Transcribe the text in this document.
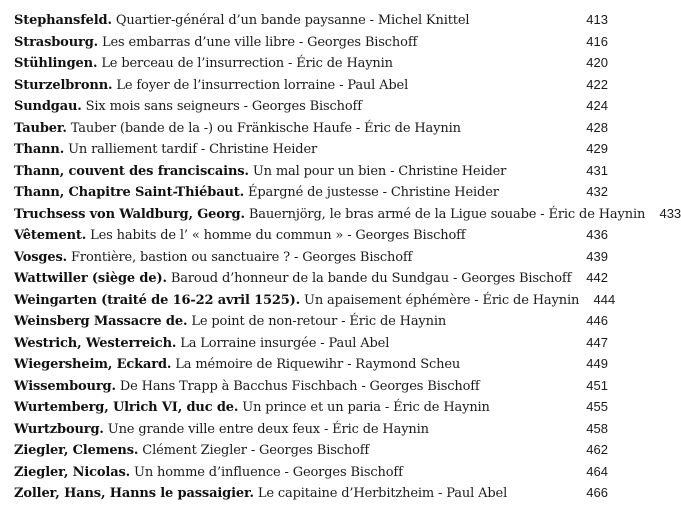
Stephansfeld. Quartier-général d’un bande paysanne - Michel Knittel	413
Strasbourg. Les embarras d’une ville libre - Georges Bischoff	416
Stühlingen. Le berceau de l’insurrection - Éric de Haynin	420
Sturzelbronn. Le foyer de l’insurrection lorraine - Paul Abel	422
Sundgau. Six mois sans seigneurs - Georges Bischoff	424
Tauber. Tauber (bande de la -) ou Fränkische Haufe - Éric de Haynin	428
Thann. Un ralliement tardif - Christine Heider	429
Thann, couvent des franciscains. Un mal pour un bien - Christine Heider	431
Thann, Chapitre Saint-Thiébaut. Épargné de justesse - Christine Heider	432
Truchsess von Waldburg, Georg. Bauernjörg, le bras armé de la Ligue souabe - Éric de Haynin	433
Vêtement. Les habits de l’ « homme du commun » - Georges Bischoff	436
Vosges. Frontière, bastion ou sanctuaire ? - Georges Bischoff	439
Wattwiller (siège de). Baroud d’honneur de la bande du Sundgau - Georges Bischoff	442
Weingarten (traité de 16-22 avril 1525). Un apaisement éphémère - Éric de Haynin	444
Weinsberg Massacre de. Le point de non-retour - Éric de Haynin	446
Westrich, Westerreich. La Lorraine insurgée - Paul Abel	447
Wiegersheim, Eckard. La mémoire de Riquewihr - Raymond Scheu	449
Wissembourg. De Hans Trapp à Bacchus Fischbach - Georges Bischoff	451
Wurtemberg, Ulrich VI, duc de. Un prince et un paria - Éric de Haynin	455
Wurtzbourg. Une grande ville entre deux feux - Éric de Haynin	458
Ziegler, Clemens. Clément Ziegler - Georges Bischoff	462
Ziegler, Nicolas. Un homme d’influence - Georges Bischoff	464
Zoller, Hans, Hanns le passaigier. Le capitaine d’Herbitzheim - Paul Abel	466
